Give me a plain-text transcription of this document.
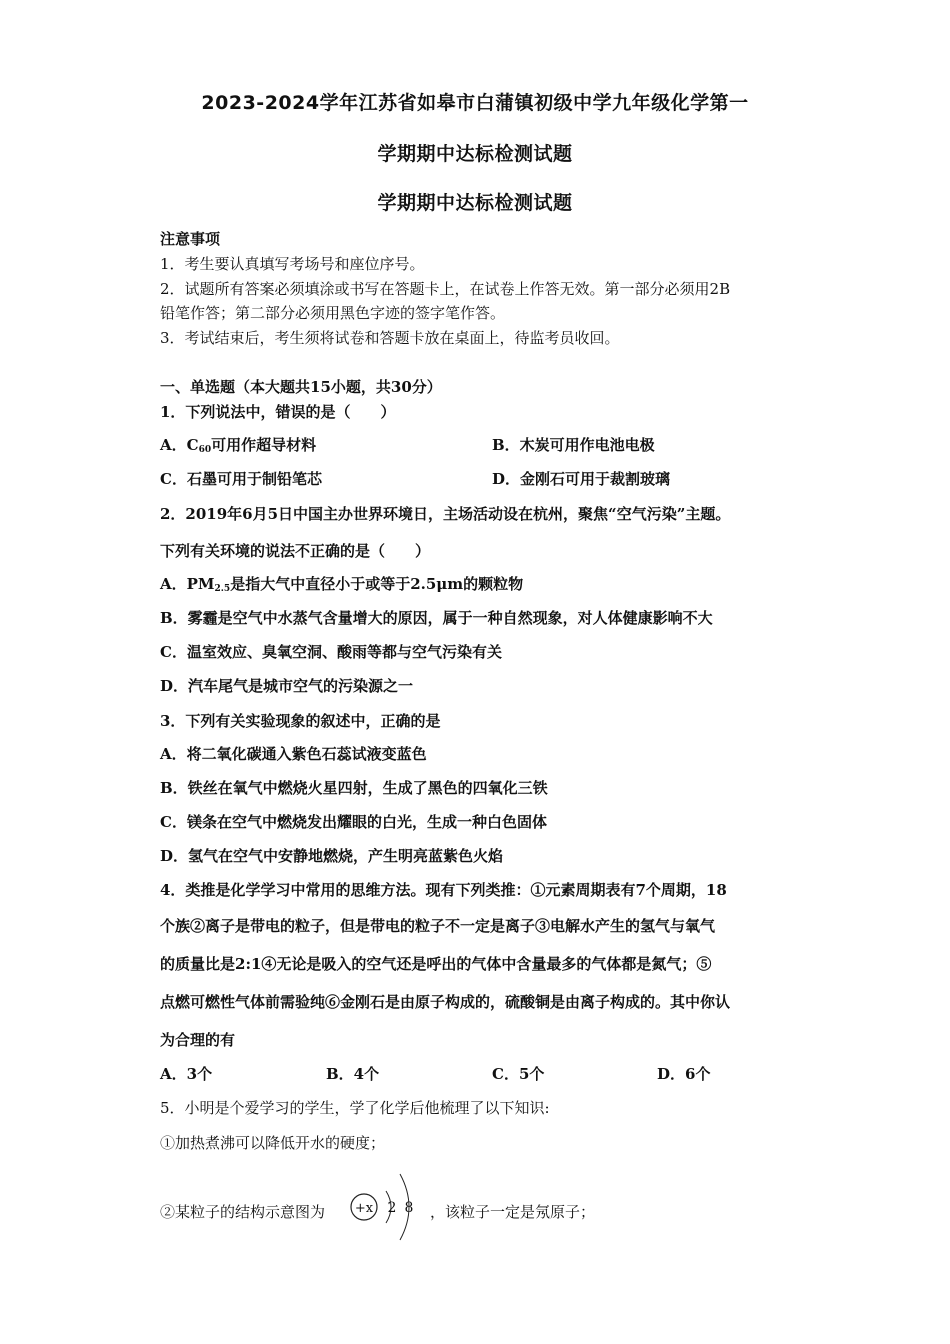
2023-2024学年江苏省如皋市白蒲镇初级中学九年级化学第一
学期期中达标检测试题
学期期中达标检测试题
注意事项
1．考生要认真填写考场号和座位序号。
2．试题所有答案必须填涂或书写在答题卡上，在试卷上作答无效。第一部分必须用2B
铅笔作答；第二部分必须用黑色字迹的签字笔作答。
3．考试结束后，考生须将试卷和答题卡放在桌面上，待监考员收回。
一、单选题（本大题共15小题，共30分）
1．下列说法中，错误的是（　　）
A．$C_{60}$可用作超导材料	B．木炭可用作电池电极
C．石墨可用于制铅笔芯	D．金刚石可用于裁割玻璃
2．2019年6月5日中国主办世界环境日，主场活动设在杭州，聚焦“空气污染”主题。
下列有关环境的说法不正确的是（　　）
A．$PM_{2.5}$是指大气中直径小于或等于2.5μm的颗粒物
B．雾霾是空气中水蒸气含量增大的原因，属于一种自然现象，对人体健康影响不大
C．温室效应、臭氧空洞、酸雨等都与空气污染有关
D．汽车尾气是城市空气的污染源之一
3．下列有关实验现象的叙述中，正确的是
A．将二氧化碳通入紫色石蕊试液变蓝色
B．铁丝在氧气中燃烧火星四射，生成了黑色的四氧化三铁
C．镁条在空气中燃烧发出耀眼的白光，生成一种白色固体
D．氢气在空气中安静地燃烧，产生明亮蓝紫色火焰
4．类推是化学学习中常用的思维方法。现有下列类推：①元素周期表有7个周期，18
个族②离子是带电的粒子，但是带电的粒子不一定是离子③电解水产生的氢气与氧气
的质量比是2:1④无论是吸入的空气还是呼出的气体中含量最多的气体都是氮气；⑤
点燃可燃性气体前需验纯⑥金刚石是由原子构成的，硫酸铜是由离子构成的。其中你认
为合理的有
A．3个	B．4个	C．5个	D．6个
5．小明是个爱学习的学生，学了化学后他梳理了以下知识:
①加热煮沸可以降低开水的硬度；
②某粒子的结构示意图为 +x 2 8 ，该粒子一定是氖原子；
